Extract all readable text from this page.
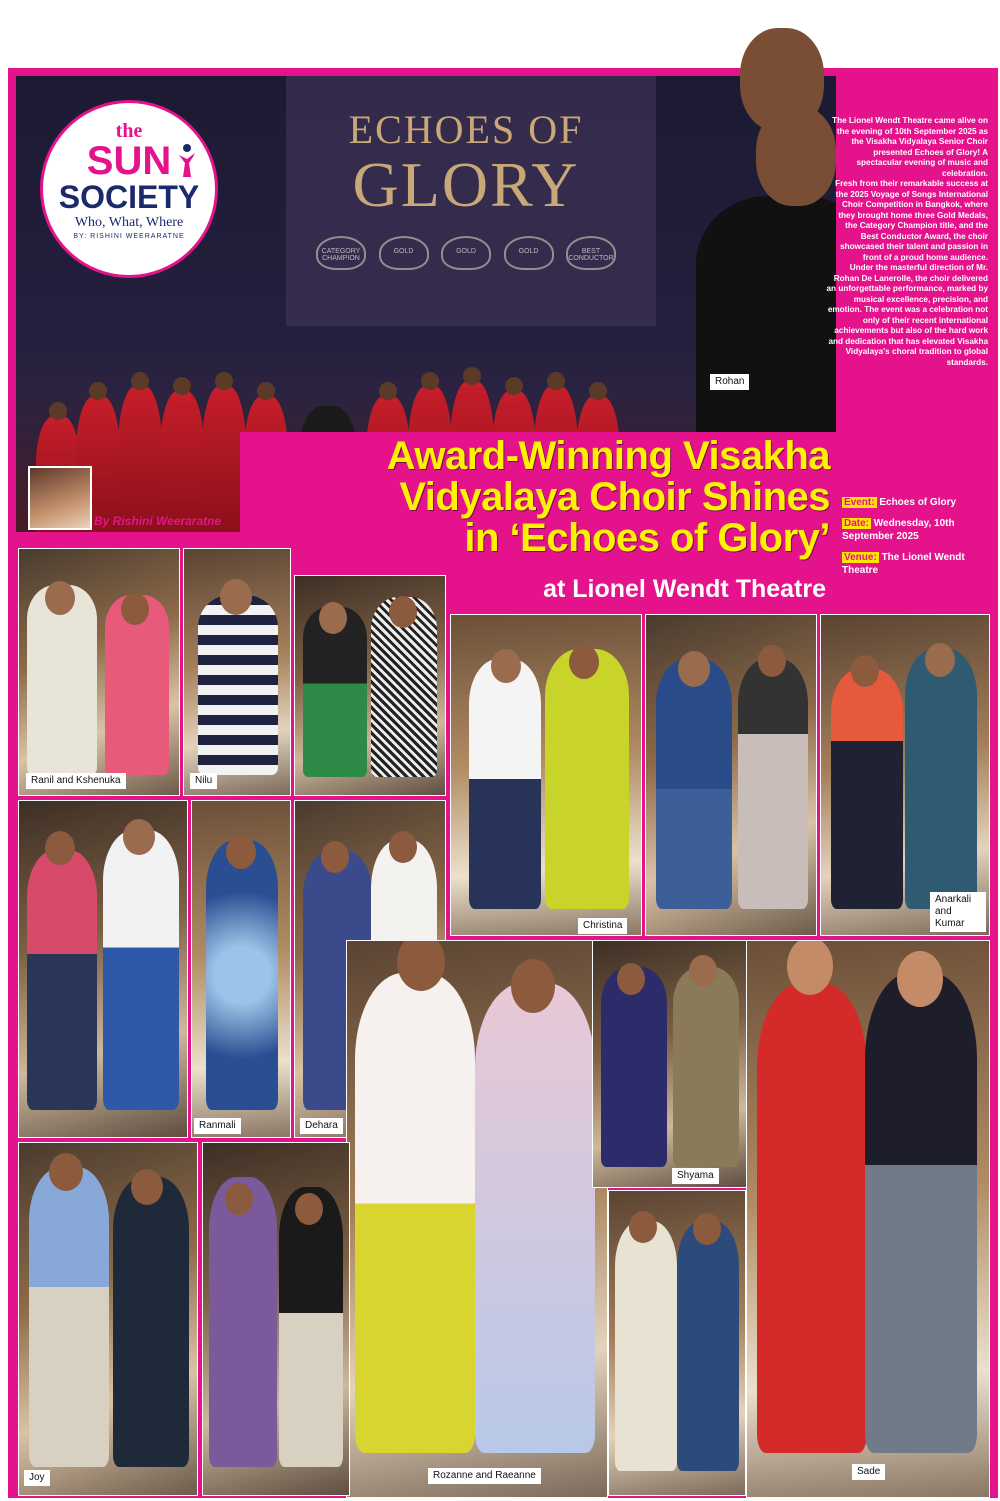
ECHOES OF
GLORY
CATEGORY CHAMPION
GOLD	GOLD	GOLD	BEST CONDUCTOR
Rohan
the
SUN
SOCIETY
Who, What, Where
BY: RISHINI WEERARATNE
By Rishini Weeraratne
Award-Winning Visakha
Vidyalaya Choir Shines
in ‘Echoes of Glory’
at Lionel Wendt Theatre

The Lionel Wendt Theatre came alive on the evening of 10th September 2025 as the Visakha Vidyalaya Senior Choir presented Echoes of Glory! A spectacular evening of music and celebration.

Fresh from their remarkable success at the 2025 Voyage of Songs International Choir Competition in Bangkok, where they brought home three Gold Medals, the Category Champion title, and the Best Conductor Award, the choir showcased their talent and passion in front of a proud home audience.

Under the masterful direction of Mr. Rohan De Lanerolle, the choir delivered an unforgettable performance, marked by musical excellence, precision, and emotion. The event was a celebration not only of their recent international achievements but also of the hard work and dedication that has elevated Visakha Vidyalaya's choral tradition to global standards.

Event: Echoes of Glory
Date: Wednesday, 10th September 2025
Venue: The Lionel Wendt Theatre
Ranil and Kshenuka	Nilu
Christina
Anarkali and Kumar
Ranmali	Dehara
Rozanne and Raeanne
Shyama
Sade
Joy
